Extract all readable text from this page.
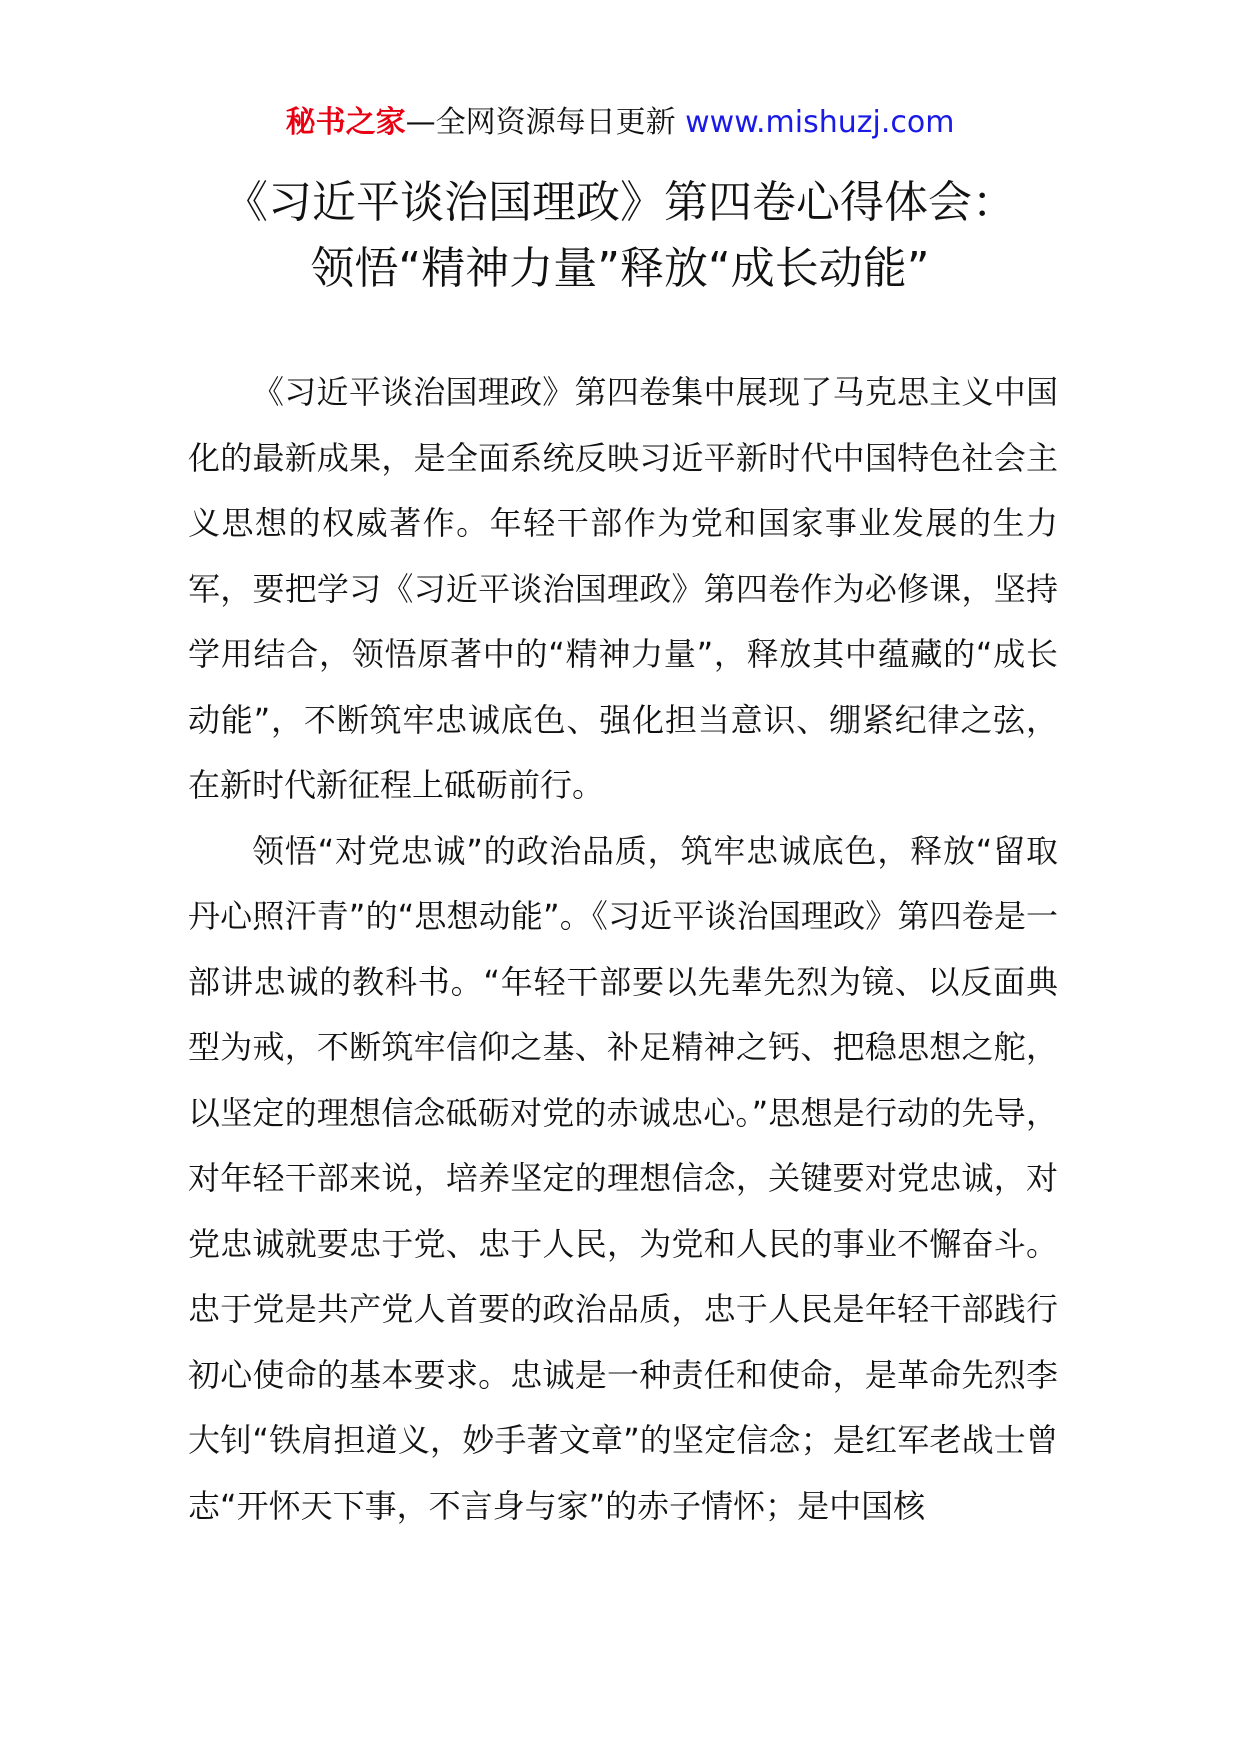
秘书之家—全网资源每日更新 www.mishuzj.com
《习近平谈治国理政》第四卷心得体会：
领悟“精神力量”释放“成长动能”

《习近平谈治国理政》第四卷集中展现了马克思主义中国化的最新成果，是全面系统反映习近平新时代中国特色社会主义思想的权威著作。年轻干部作为党和国家事业发展的生力军，要把学习《习近平谈治国理政》第四卷作为必修课，坚持学用结合，领悟原著中的“精神力量”，释放其中蕴藏的“成长动能”，不断筑牢忠诚底色、强化担当意识、绷紧纪律之弦，在新时代新征程上砥砺前行。

领悟“对党忠诚”的政治品质，筑牢忠诚底色，释放“留取丹心照汗青”的“思想动能”。《习近平谈治国理政》第四卷是一部讲忠诚的教科书。“年轻干部要以先辈先烈为镜、以反面典型为戒，不断筑牢信仰之基、补足精神之钙、把稳思想之舵，以坚定的理想信念砥砺对党的赤诚忠心。”思想是行动的先导，对年轻干部来说，培养坚定的理想信念，关键要对党忠诚，对党忠诚就要忠于党、忠于人民，为党和人民的事业不懈奋斗。忠于党是共产党人首要的政治品质，忠于人民是年轻干部践行初心使命的基本要求。忠诚是一种责任和使命，是革命先烈李大钊“铁肩担道义，妙手著文章”的坚定信念；是红军老战士曾志“开怀天下事，不言身与家”的赤子情怀；是中国核
